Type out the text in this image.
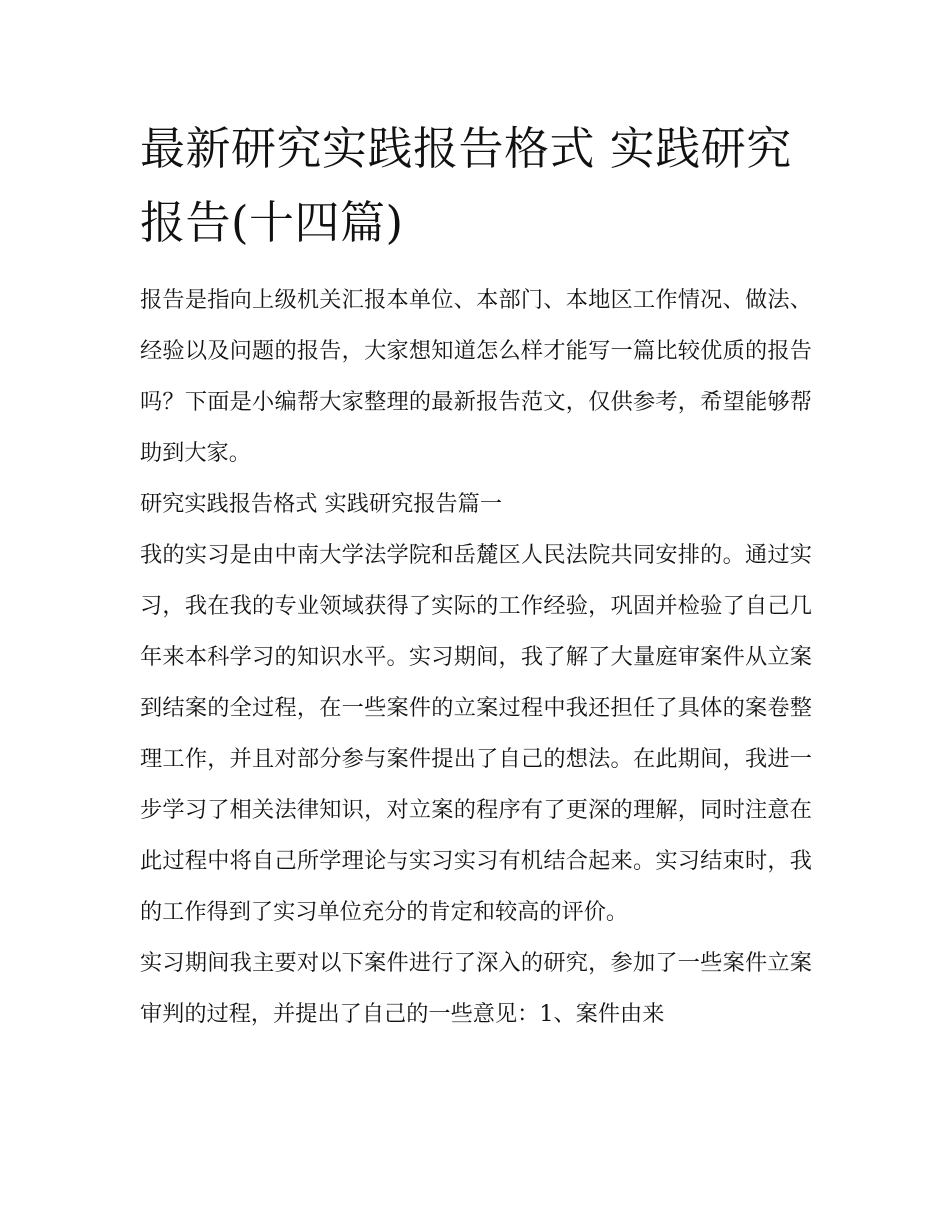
最新研究实践报告格式 实践研究报告(十四篇)

报告是指向上级机关汇报本单位、本部门、本地区工作情况、做法、经验以及问题的报告，大家想知道怎么样才能写一篇比较优质的报告吗？下面是小编帮大家整理的最新报告范文，仅供参考，希望能够帮助到大家。

研究实践报告格式 实践研究报告篇一

我的实习是由中南大学法学院和岳麓区人民法院共同安排的。通过实习，我在我的专业领域获得了实际的工作经验，巩固并检验了自己几年来本科学习的知识水平。实习期间，我了解了大量庭审案件从立案到结案的全过程，在一些案件的立案过程中我还担任了具体的案卷整理工作，并且对部分参与案件提出了自己的想法。在此期间，我进一步学习了相关法律知识，对立案的程序有了更深的理解，同时注意在此过程中将自己所学理论与实习实习有机结合起来。实习结束时，我的工作得到了实习单位充分的肯定和较高的评价。

实习期间我主要对以下案件进行了深入的研究，参加了一些案件立案审判的过程，并提出了自己的一些意见：1、案件由来
